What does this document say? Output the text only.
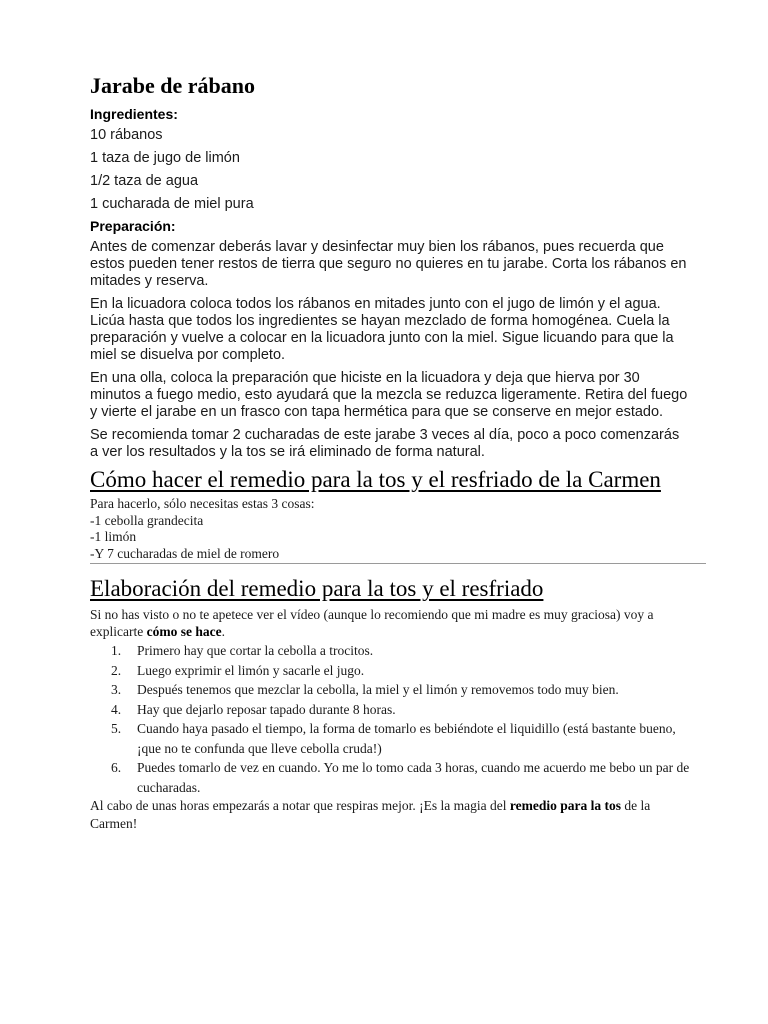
Jarabe de rábano

Ingredientes:

10 rábanos

1 taza de jugo de limón

1/2 taza de agua

1 cucharada de miel pura

Preparación:

Antes de comenzar deberás lavar y desinfectar muy bien los rábanos, pues recuerda que estos pueden tener restos de tierra que seguro no quieres en tu jarabe. Corta los rábanos en mitades y reserva.

En la licuadora coloca todos los rábanos en mitades junto con el jugo de limón y el agua. Licúa hasta que todos los ingredientes se hayan mezclado de forma homogénea. Cuela la preparación y vuelve a colocar en la licuadora junto con la miel. Sigue licuando para que la miel se disuelva por completo.

En una olla, coloca la preparación que hiciste en la licuadora y deja que hierva por 30 minutos a fuego medio, esto ayudará que la mezcla se reduzca ligeramente. Retira del fuego y vierte el jarabe en un frasco con tapa hermética para que se conserve en mejor estado.

Se recomienda tomar 2 cucharadas de este jarabe 3 veces al día, poco a poco comenzarás a ver los resultados y la tos se irá eliminado de forma natural.

Cómo hacer el remedio para la tos y el resfriado de la Carmen

Para hacerlo, sólo necesitas estas 3 cosas:

-1 cebolla grandecita

-1 limón

-Y 7 cucharadas de miel de romero

Elaboración del remedio para la tos y el resfriado

Si no has visto o no te apetece ver el vídeo (aunque lo recomiendo que mi madre es muy graciosa) voy a explicarte cómo se hace.

1. Primero hay que cortar la cebolla a trocitos.
2. Luego exprimir el limón y sacarle el jugo.
3. Después tenemos que mezclar la cebolla, la miel y el limón y removemos todo muy bien.
4. Hay que dejarlo reposar tapado durante 8 horas.
5. Cuando haya pasado el tiempo, la forma de tomarlo es bebiéndote el liquidillo (está bastante bueno, ¡que no te confunda que lleve cebolla cruda!)
6. Puedes tomarlo de vez en cuando. Yo me lo tomo cada 3 horas, cuando me acuerdo me bebo un par de cucharadas.

Al cabo de unas horas empezarás a notar que respiras mejor. ¡Es la magia del remedio para la tos de la Carmen!
